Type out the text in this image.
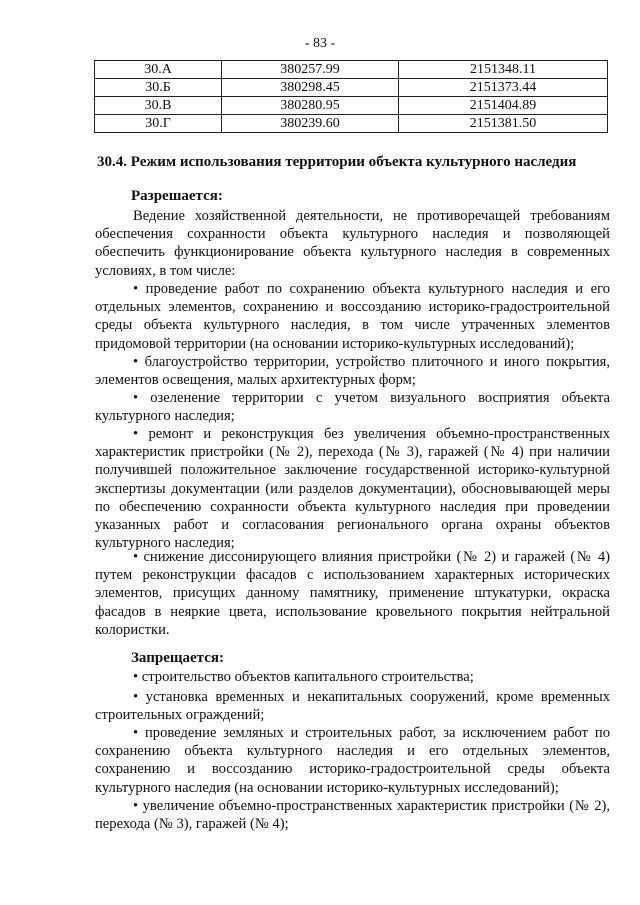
- 83 -
30.А	380257.99	2151348.11
30.Б	380298.45	2151373.44
30.В	380280.95	2151404.89
30.Г	380239.60	2151381.50
30.4. Режим использования территории объекта культурного наследия
Разрешается:

Ведение хозяйственной деятельности, не противоречащей требованиям обеспечения сохранности объекта культурного наследия и позволяющей обеспечить функционирование объекта культурного наследия в современных условиях, в том числе:

• проведение работ по сохранению объекта культурного наследия и его отдельных элементов, сохранению и воссозданию историко-градостроительной среды объекта культурного наследия, в том числе утраченных элементов придомовой территории (на основании историко-культурных исследований);

• благоустройство территории, устройство плиточного и иного покрытия, элементов освещения, малых архитектурных форм;

• озеленение территории с учетом визуального восприятия объекта культурного наследия;

• ремонт и реконструкция без увеличения объемно-пространственных характеристик пристройки (№ 2), перехода (№ 3), гаражей (№ 4) при наличии получившей положительное заключение государственной историко-культурной экспертизы документации (или разделов документации), обосновывающей меры по обеспечению сохранности объекта культурного наследия при проведении указанных работ и согласования регионального органа охраны объектов культурного наследия;

• снижение диссонирующего влияния пристройки (№ 2) и гаражей (№ 4) путем реконструкции фасадов с использованием характерных исторических элементов, присущих данному памятнику, применение штукатурки, окраска фасадов в неяркие цвета, использование кровельного покрытия нейтральной колористки.

Запрещается:

• строительство объектов капитального строительства;

• установка временных и некапитальных сооружений, кроме временных строительных ограждений;

• проведение земляных и строительных работ, за исключением работ по сохранению объекта культурного наследия и его отдельных элементов, сохранению и воссозданию историко-градостроительной среды объекта культурного наследия (на основании историко-культурных исследований);

• увеличение объемно-пространственных характеристик пристройки (№ 2), перехода (№ 3), гаражей (№ 4);
